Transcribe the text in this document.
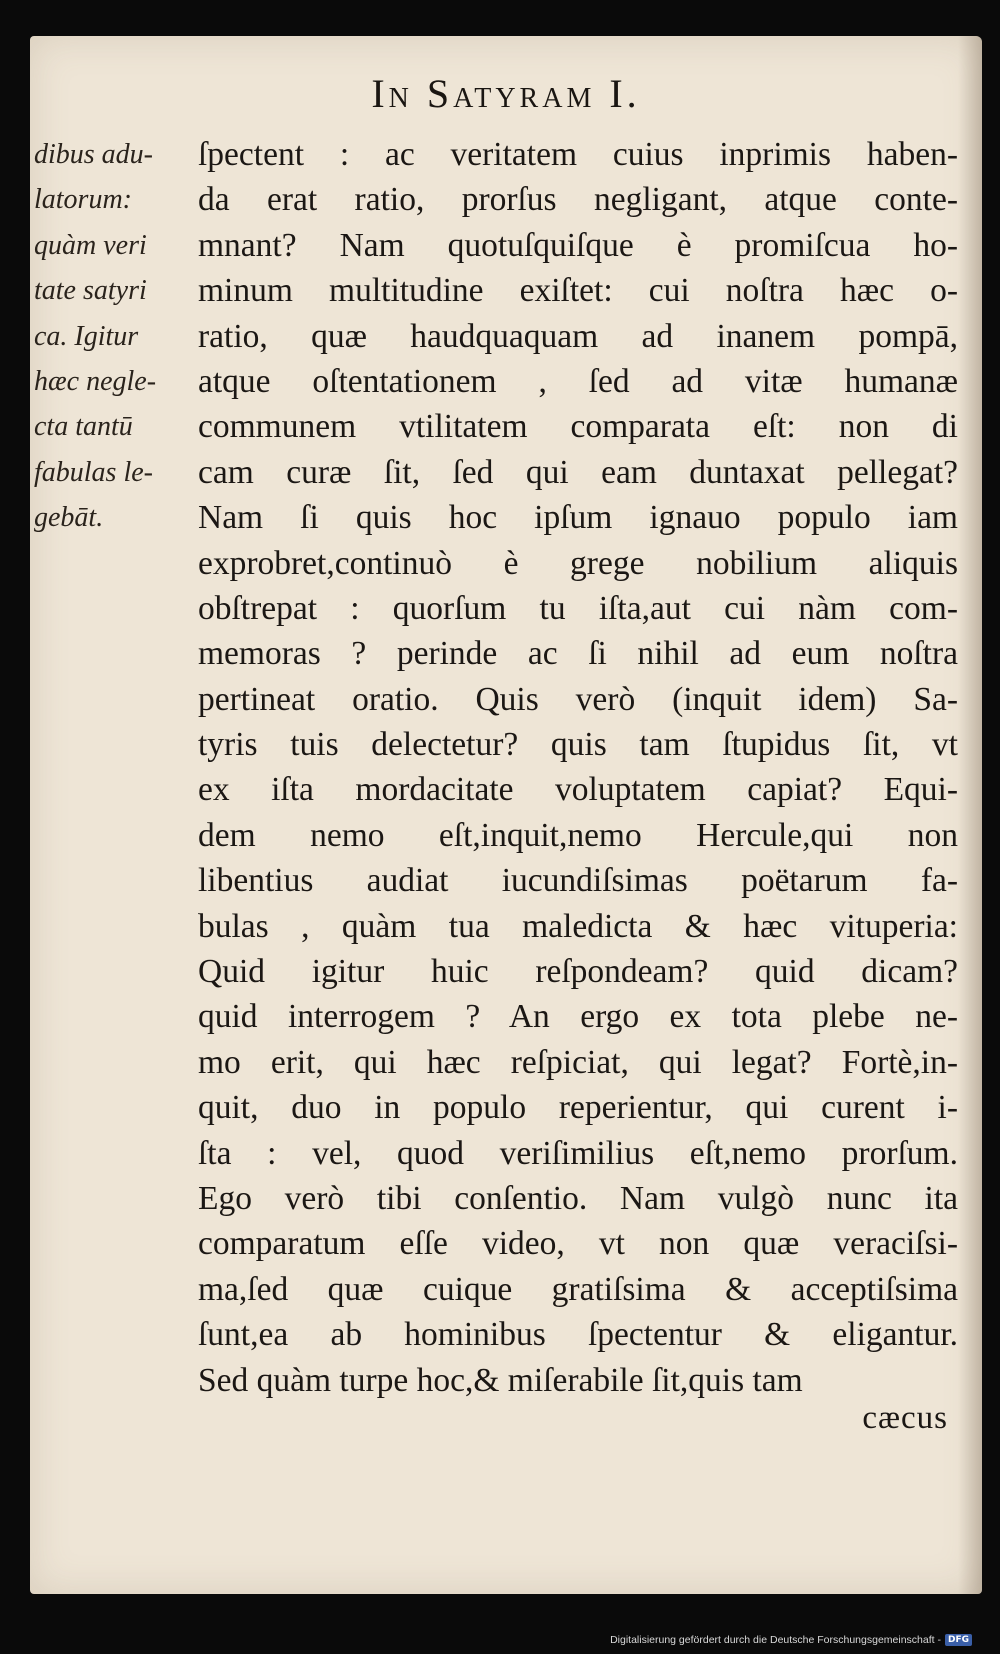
In Satyram I.
dibus adu-
latorum:
quàm veri
tate satyri
ca. Igitur
hæc negle-
cta tantū
fabulas le-
gebāt.
ſpectent : ac veritatem cuius inprimis haben-
da erat ratio, prorſus negligant, atque conte-
mnant? Nam quotuſquiſque è promiſcua ho-
minum multitudine exiſtet: cui noſtra hæc o-
ratio, quæ haudquaquam ad inanem pompā,
atque oſtentationem , ſed ad vitæ humanæ
communem vtilitatem comparata eſt: non di
cam curæ ſit, ſed qui eam duntaxat pellegat?
Nam ſi quis hoc ipſum ignauo populo iam
exprobret,continuò è grege nobilium aliquis
obſtrepat : quorſum tu iſta,aut cui nàm com-
memoras ? perinde ac ſi nihil ad eum noſtra
pertineat oratio. Quis verò (inquit idem) Sa-
tyris tuis delectetur? quis tam ſtupidus ſit, vt
ex iſta mordacitate voluptatem capiat? Equi-
dem nemo eſt,inquit,nemo Hercule,qui non
libentius audiat iucundiſsimas poëtarum fa-
bulas , quàm tua maledicta & hæc vituperia:
Quid igitur huic reſpondeam? quid dicam?
quid interrogem ? An ergo ex tota plebe ne-
mo erit, qui hæc reſpiciat, qui legat? Fortè,in-
quit, duo in populo reperientur, qui curent i-
ſta : vel, quod veriſimilius eſt,nemo prorſum.
Ego verò tibi conſentio. Nam vulgò nunc ita
comparatum eſſe video, vt non quæ veraciſsi-
ma,ſed quæ cuique gratiſsima & acceptiſsima
ſunt,ea ab hominibus ſpectentur & eligantur.
Sed quàm turpe hoc,& miſerabile ſit,quis tam
cæcus
Digitalisierung gefördert durch die Deutsche Forschungsgemeinschaft - DFG
